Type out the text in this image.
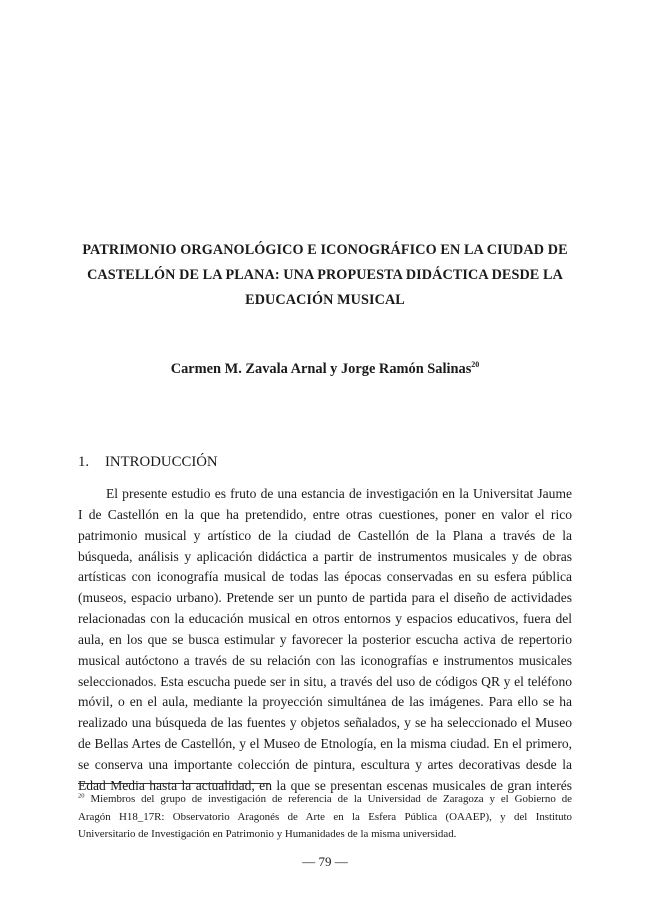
PATRIMONIO ORGANOLÓGICO E ICONOGRÁFICO EN LA CIUDAD DE
CASTELLÓN DE LA PLANA: UNA PROPUESTA DIDÁCTICA DESDE LA
EDUCACIÓN MUSICAL
Carmen M. Zavala Arnal y Jorge Ramón Salinas$^{20}$
1. INTRODUCCIÓN
El presente estudio es fruto de una estancia de investigación en la Universitat Jaume
I de Castellón en la que ha pretendido, entre otras cuestiones, poner en valor el rico
patrimonio musical y artístico de la ciudad de Castellón de la Plana a través de la
búsqueda, análisis y aplicación didáctica a partir de instrumentos musicales y de obras
artísticas con iconografía musical de todas las épocas conservadas en su esfera pública
(museos, espacio urbano). Pretende ser un punto de partida para el diseño de actividades
relacionadas con la educación musical en otros entornos y espacios educativos, fuera del
aula, en los que se busca estimular y favorecer la posterior escucha activa de repertorio
musical autóctono a través de su relación con las iconografías e instrumentos musicales
seleccionados. Esta escucha puede ser in situ, a través del uso de códigos QR y el teléfono
móvil, o en el aula, mediante la proyección simultánea de las imágenes. Para ello se ha
realizado una búsqueda de las fuentes y objetos señalados, y se ha seleccionado el Museo
de Bellas Artes de Castellón, y el Museo de Etnología, en la misma ciudad. En el primero,
se conserva una importante colección de pintura, escultura y artes decorativas desde la
Edad Media hasta la actualidad, en la que se presentan escenas musicales de gran interés
$^{20}$ Miembros del grupo de investigación de referencia de la Universidad de Zaragoza y el Gobierno de
Aragón H18_17R: Observatorio Aragonés de Arte en la Esfera Pública (OAAEP), y del Instituto
Universitario de Investigación en Patrimonio y Humanidades de la misma universidad.
— 79 —
